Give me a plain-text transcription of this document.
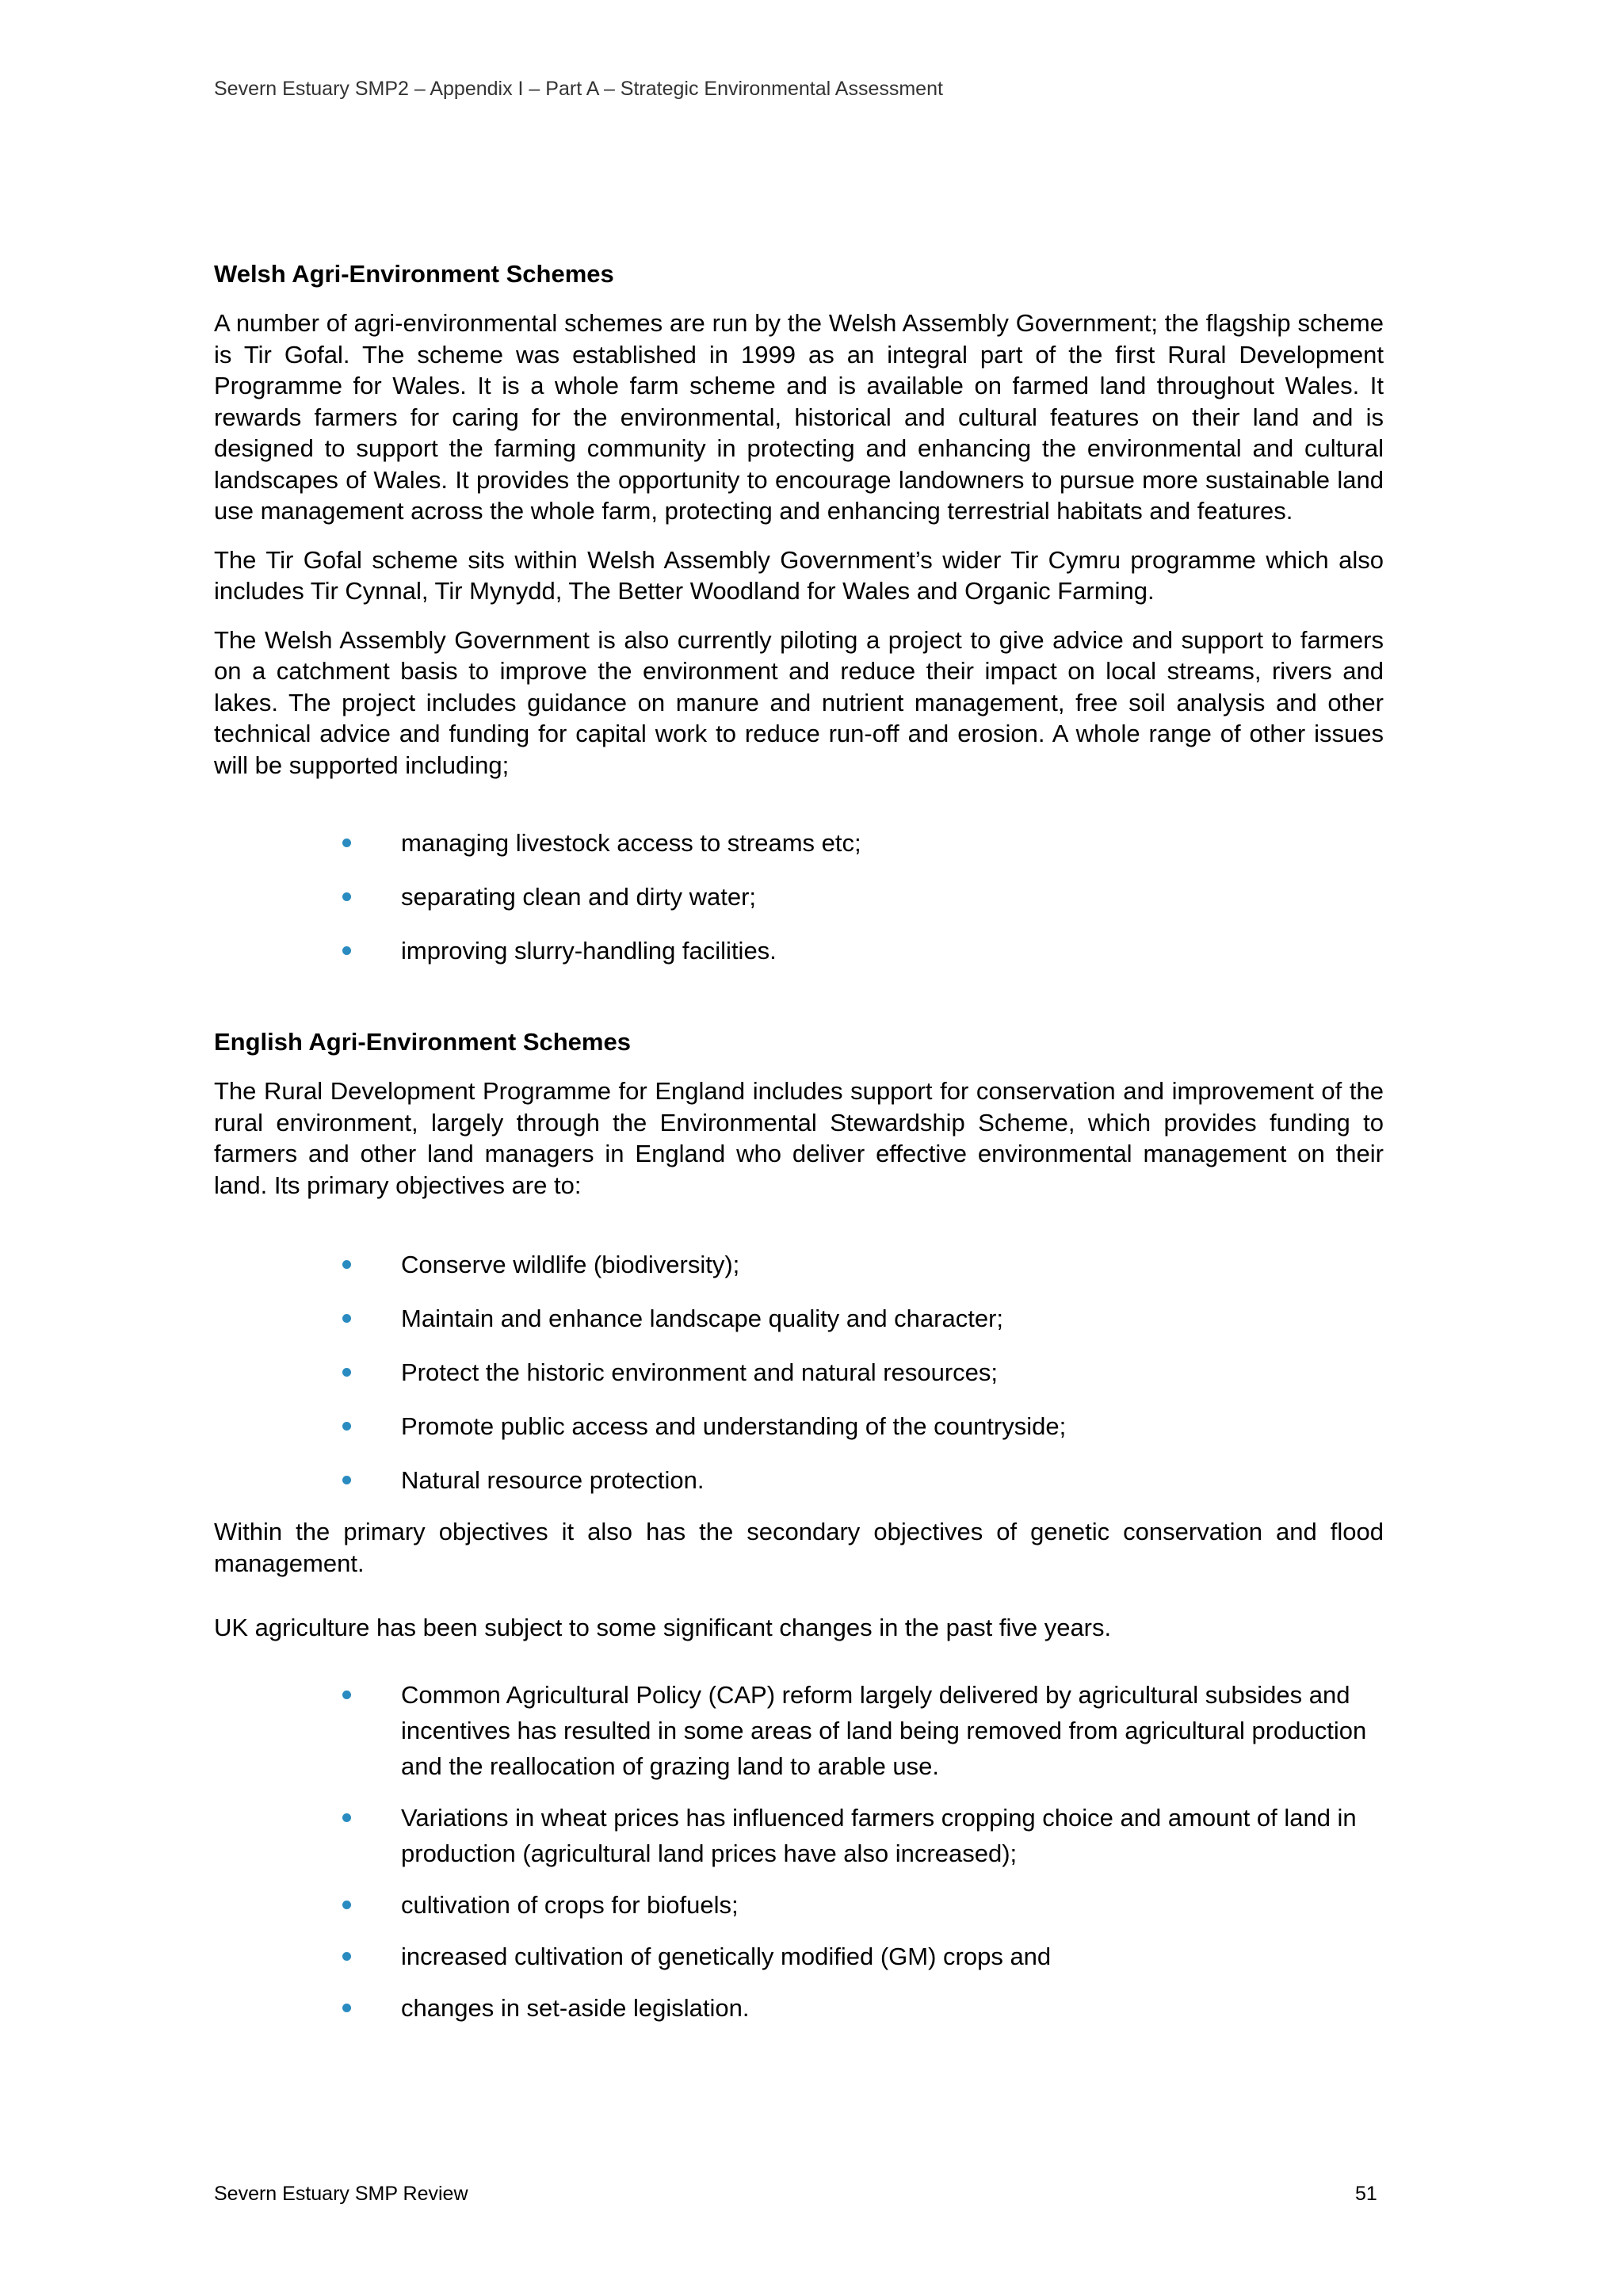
Severn Estuary SMP2 – Appendix I – Part A – Strategic Environmental Assessment
Welsh Agri-Environment Schemes

A number of agri-environmental schemes are run by the Welsh Assembly Government; the flagship scheme is Tir Gofal. The scheme was established in 1999 as an integral part of the first Rural Development Programme for Wales. It is a whole farm scheme and is available on farmed land throughout Wales. It rewards farmers for caring for the environmental, historical and cultural features on their land and is designed to support the farming community in protecting and enhancing the environmental and cultural landscapes of Wales. It provides the opportunity to encourage landowners to pursue more sustainable land use management across the whole farm, protecting and enhancing terrestrial habitats and features.

The Tir Gofal scheme sits within Welsh Assembly Government’s wider Tir Cymru programme which also includes Tir Cynnal, Tir Mynydd, The Better Woodland for Wales and Organic Farming.

The Welsh Assembly Government is also currently piloting a project to give advice and support to farmers on a catchment basis to improve the environment and reduce their impact on local streams, rivers and lakes. The project includes guidance on manure and nutrient management, free soil analysis and other technical advice and funding for capital work to reduce run-off and erosion. A whole range of other issues will be supported including;

managing livestock access to streams etc;
separating clean and dirty water;
improving slurry-handling facilities.
English Agri-Environment Schemes

The Rural Development Programme for England includes support for conservation and improvement of the rural environment, largely through the Environmental Stewardship Scheme, which provides funding to farmers and other land managers in England who deliver effective environmental management on their land. Its primary objectives are to:

Conserve wildlife (biodiversity);
Maintain and enhance landscape quality and character;
Protect the historic environment and natural resources;
Promote public access and understanding of the countryside;
Natural resource protection.

Within the primary objectives it also has the secondary objectives of genetic conservation and flood management.

UK agriculture has been subject to some significant changes in the past five years.

Common Agricultural Policy (CAP) reform largely delivered by agricultural subsides and incentives has resulted in some areas of land being removed from agricultural production and the reallocation of grazing land to arable use.
Variations in wheat prices has influenced farmers cropping choice and amount of land in production (agricultural land prices have also increased);
cultivation of crops for biofuels;
increased cultivation of genetically modified (GM) crops and
changes in set-aside legislation.
Severn Estuary SMP Review	51
